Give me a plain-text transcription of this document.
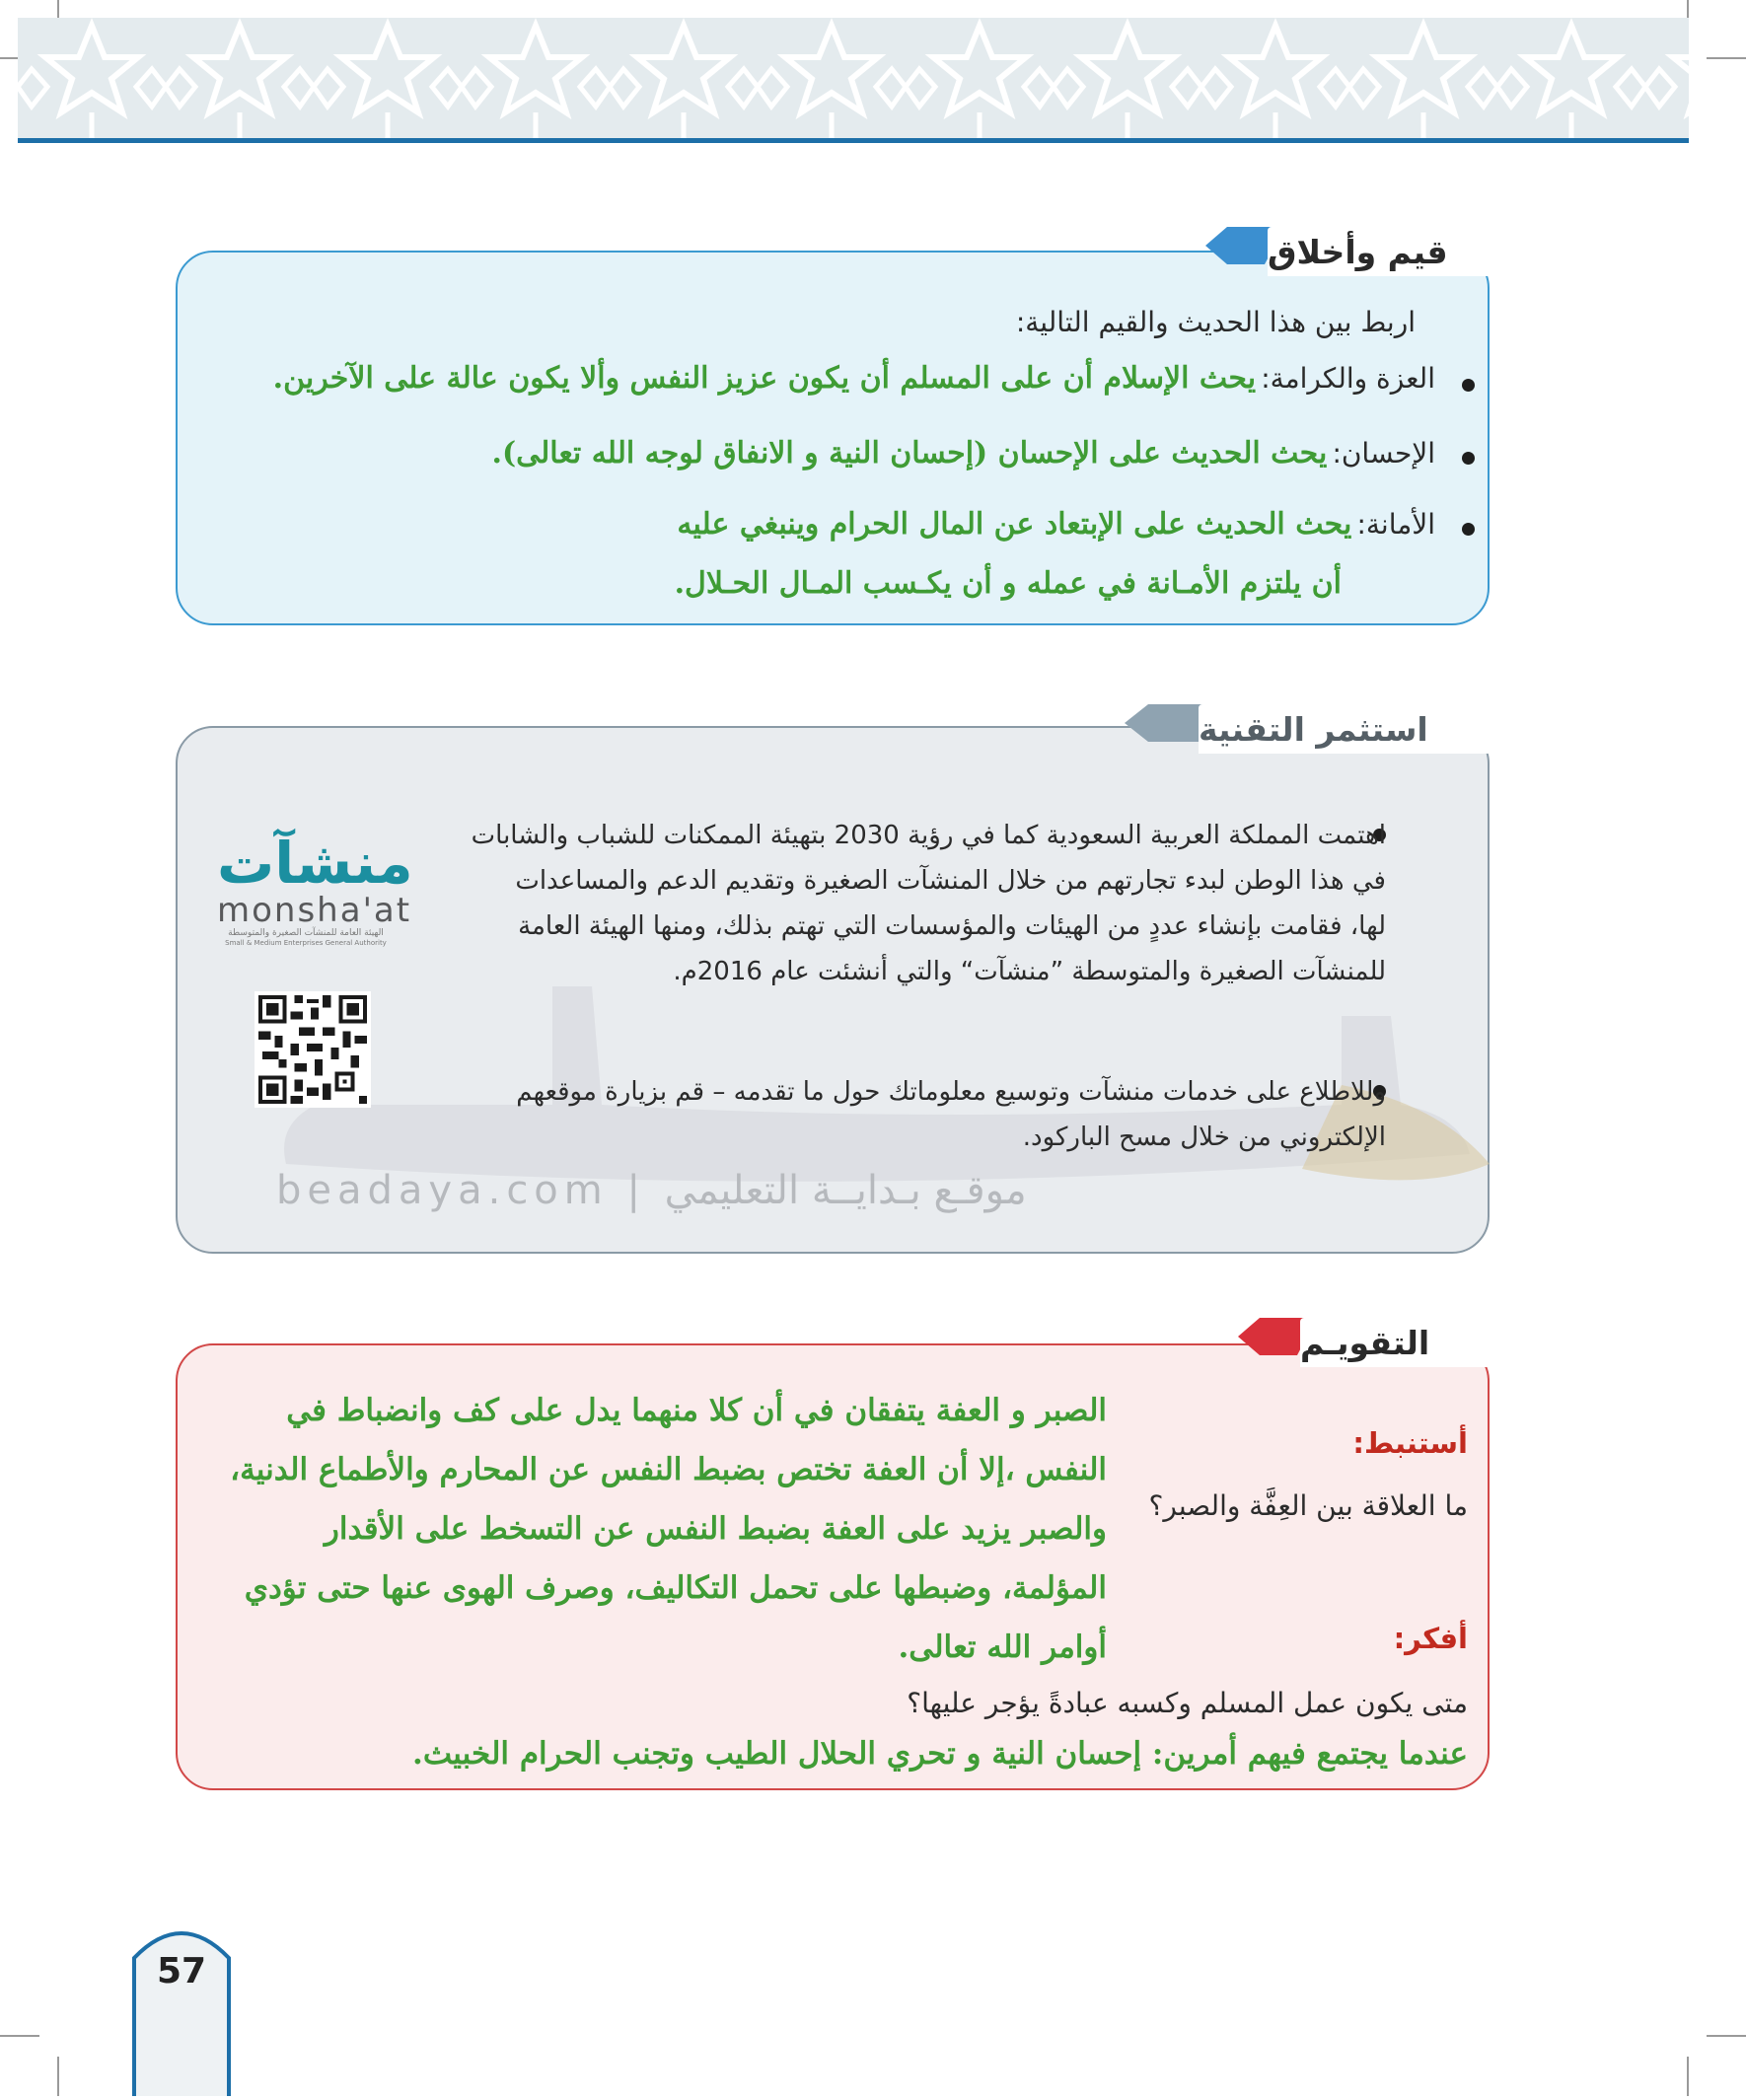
قيم وأخلاق
اربط بين هذا الحديث والقيم التالية:
العزة والكرامة: يحث الإسلام أن على المسلم أن يكون عزيز النفس وألا يكون عالة على الآخرين.
الإحسان: يحث الحديث على الإحسان (إحسان النية و الانفاق لوجه الله تعالى).
الأمانة: يحث الحديث على الإبتعاد عن المال الحرام وينبغي عليه
أن يلتزم الأمـانة في عمله و أن يكـسب المـال الحـلال.
استثمر التقنية
beadaya.com | موقـع بـدايــة التعليمي
اهتمت المملكة العربية السعودية كما في رؤية 2030 بتهيئة الممكنات للشباب والشابات
في هذا الوطن لبدء تجارتهم من خلال المنشآت الصغيرة وتقديم الدعم والمساعدات
لها، فقامت بإنشاء عددٍ من الهيئات والمؤسسات التي تهتم بذلك، ومنها الهيئة العامة
للمنشآت الصغيرة والمتوسطة ”منشآت“ والتي أنشئت عام 2016م.
وللاطلاع على خدمات منشآت وتوسيع معلوماتك حول ما تقدمه – قم بزيارة موقعهم
الإلكتروني من خلال مسح الباركود.
منشآت
monsha'at
الهيئة العامة للمنشآت الصغيرة والمتوسطة
Small & Medium Enterprises General Authority
التقويـم
أستنبط:
ما العلاقة بين العِفَّة والصبر؟
الصبر و العفة يتفقان في أن كلا منهما يدل على كف وانضباط في
النفس ،إلا أن العفة تختص بضبط النفس عن المحارم والأطماع الدنية،
والصبر يزيد على العفة بضبط النفس عن التسخط على الأقدار
المؤلمة، وضبطها على تحمل التكاليف، وصرف الهوى عنها حتى تؤدي
أوامر الله تعالى.	أفكر:
متى يكون عمل المسلم وكسبه عبادةً يؤجر عليها؟
عندما يجتمع فيهم أمرين: إحسان النية و تحري الحلال الطيب وتجنب الحرام الخبيث.
57
